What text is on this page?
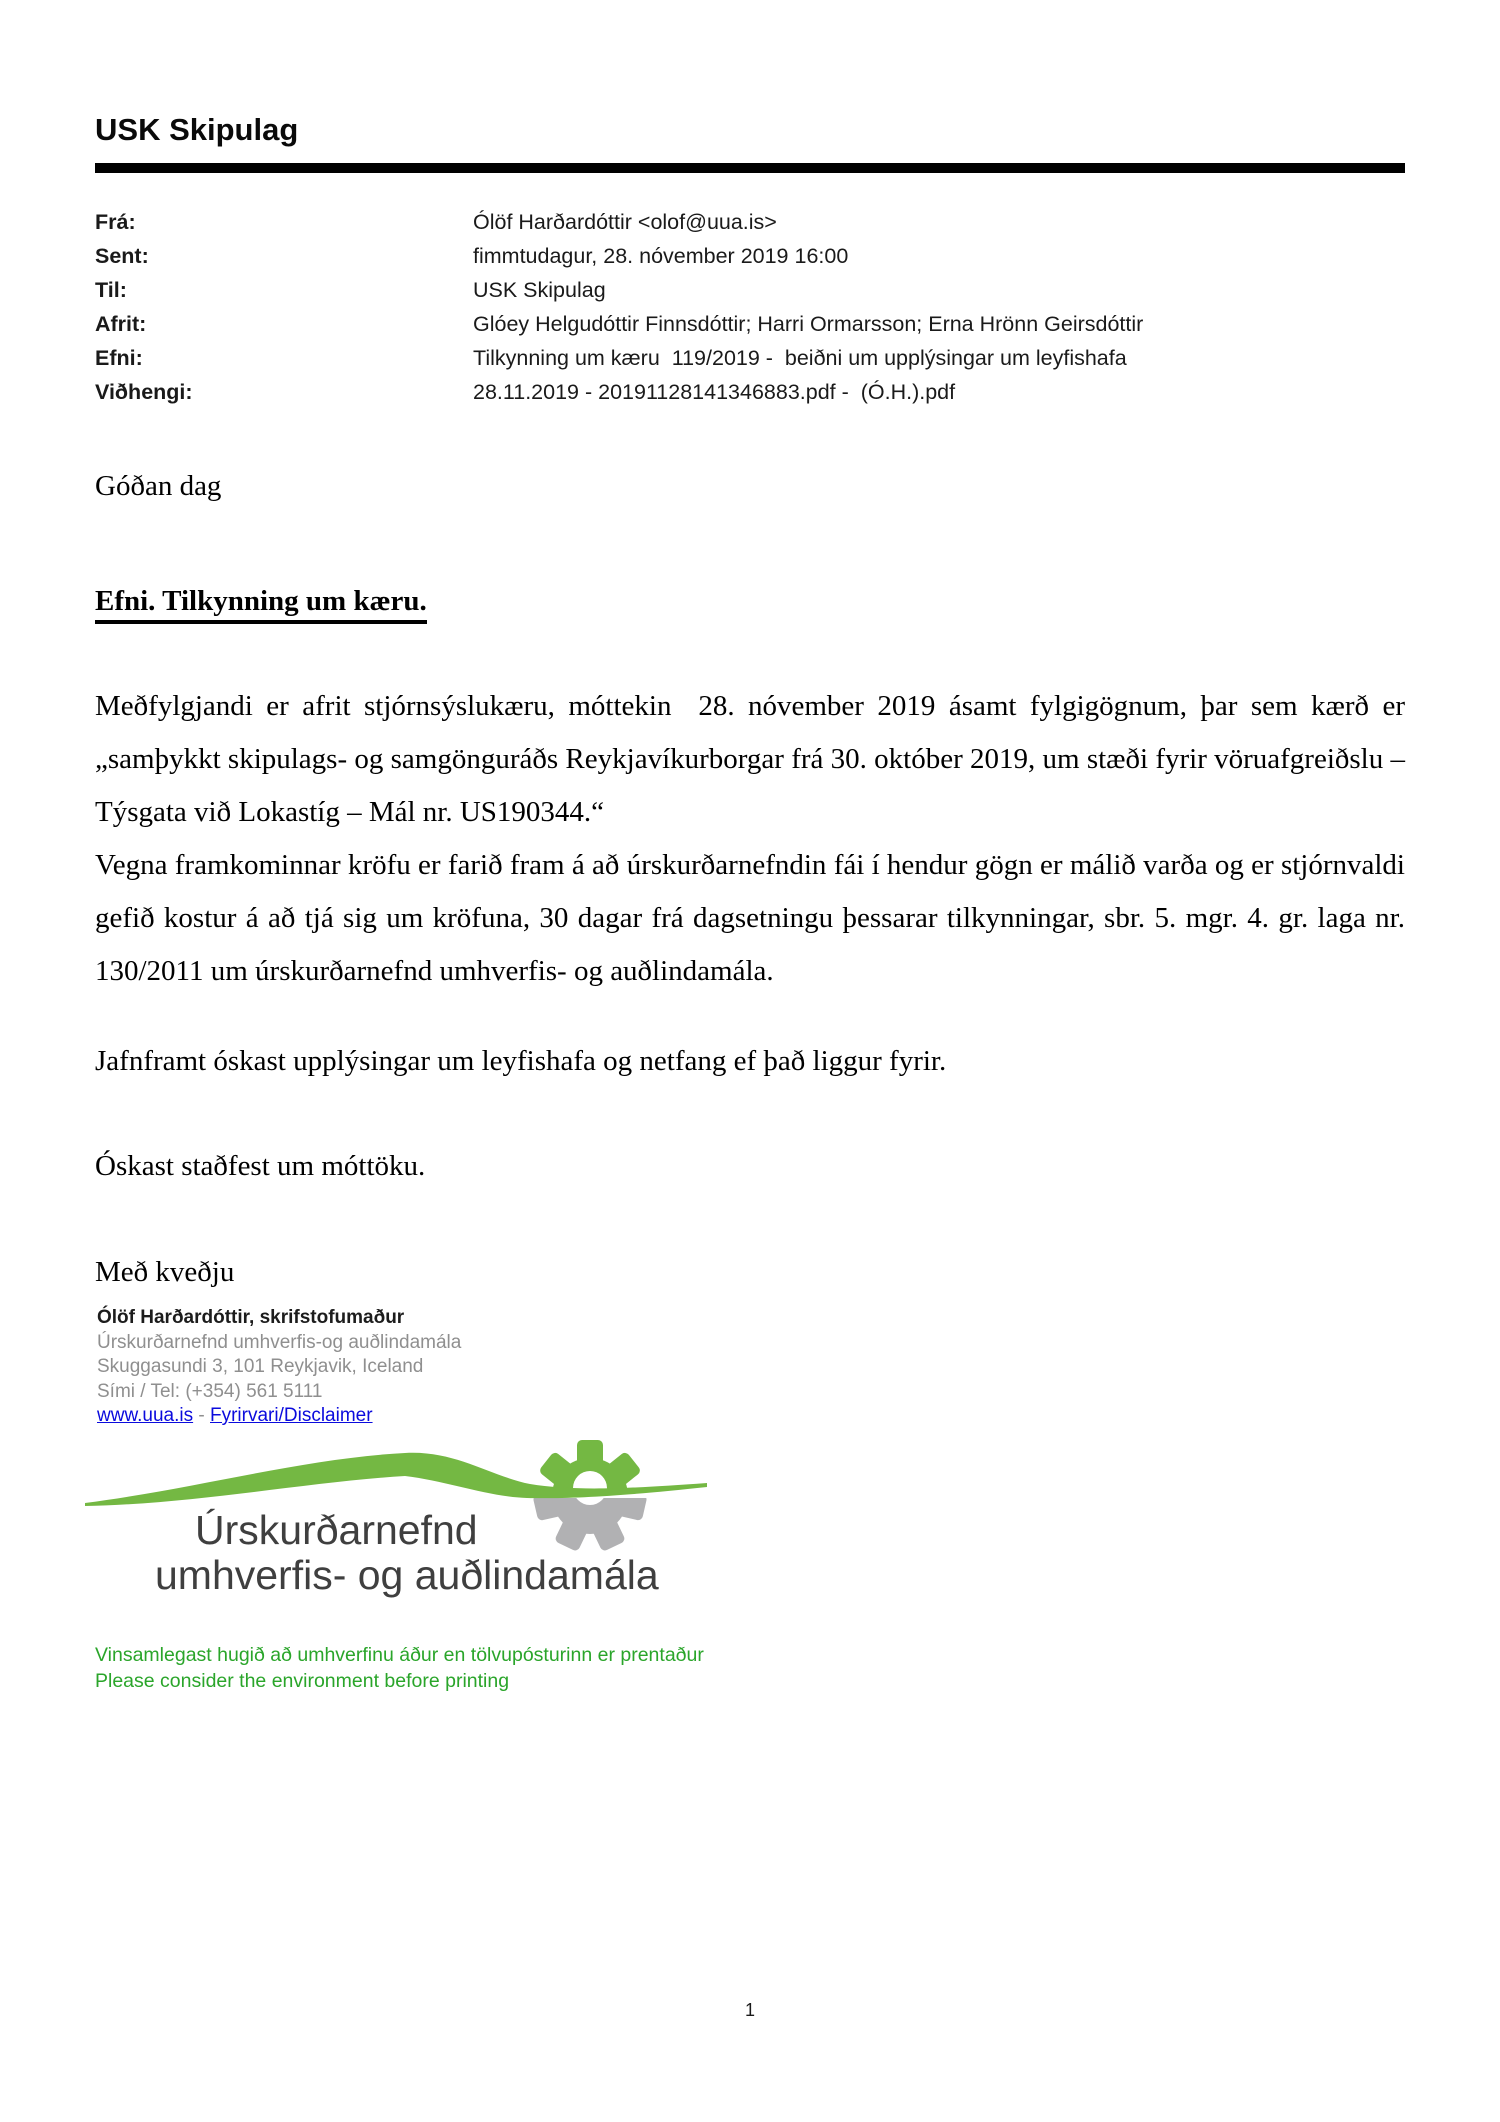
USK Skipulag
Frá:	Ólöf Harðardóttir <olof@uua.is>
Sent:	fimmtudagur, 28. nóvember 2019 16:00
Til:	USK Skipulag
Afrit:	Glóey Helgudóttir Finnsdóttir; Harri Ormarsson; Erna Hrönn Geirsdóttir
Efni:	Tilkynning um kæru  119/2019 -  beiðni um upplýsingar um leyfishafa
Viðhengi:	28.11.2019 - 20191128141346883.pdf -  (Ó.H.).pdf

Góðan dag

Efni. Tilkynning um kæru.

Meðfylgjandi er afrit stjórnsýslukæru, móttekin  28. nóvember 2019 ásamt fylgigögnum, þar sem kærð er „samþykkt skipulags- og samgönguráðs Reykjavíkurborgar frá 30. október 2019, um stæði fyrir vöruafgreiðslu – Týsgata við Lokastíg – Mál nr. US190344.“

Vegna framkominnar kröfu er farið fram á að úrskurðarnefndin fái í hendur gögn er málið varða og er stjórnvaldi gefið kostur á að tjá sig um kröfuna, 30 dagar frá dagsetningu þessarar tilkynningar, sbr. 5. mgr. 4. gr. laga nr. 130/2011 um úrskurðarnefnd umhverfis- og auðlindamála.

Jafnframt óskast upplýsingar um leyfishafa og netfang ef það liggur fyrir.

Óskast staðfest um móttöku.

Með kveðju

Ólöf Harðardóttir, skrifstofumaður
Úrskurðarnefnd umhverfis-og auðlindamála
Skuggasundi 3, 101 Reykjavik, Iceland
Sími / Tel: (+354) 561 5111
www.uua.is - Fyrirvari/Disclaimer
Úrskurðarnefnd
umhverfis- og auðlindamála
Vinsamlegast hugið að umhverfinu áður en tölvupósturinn er prentaður
Please consider the environment before printing
1
